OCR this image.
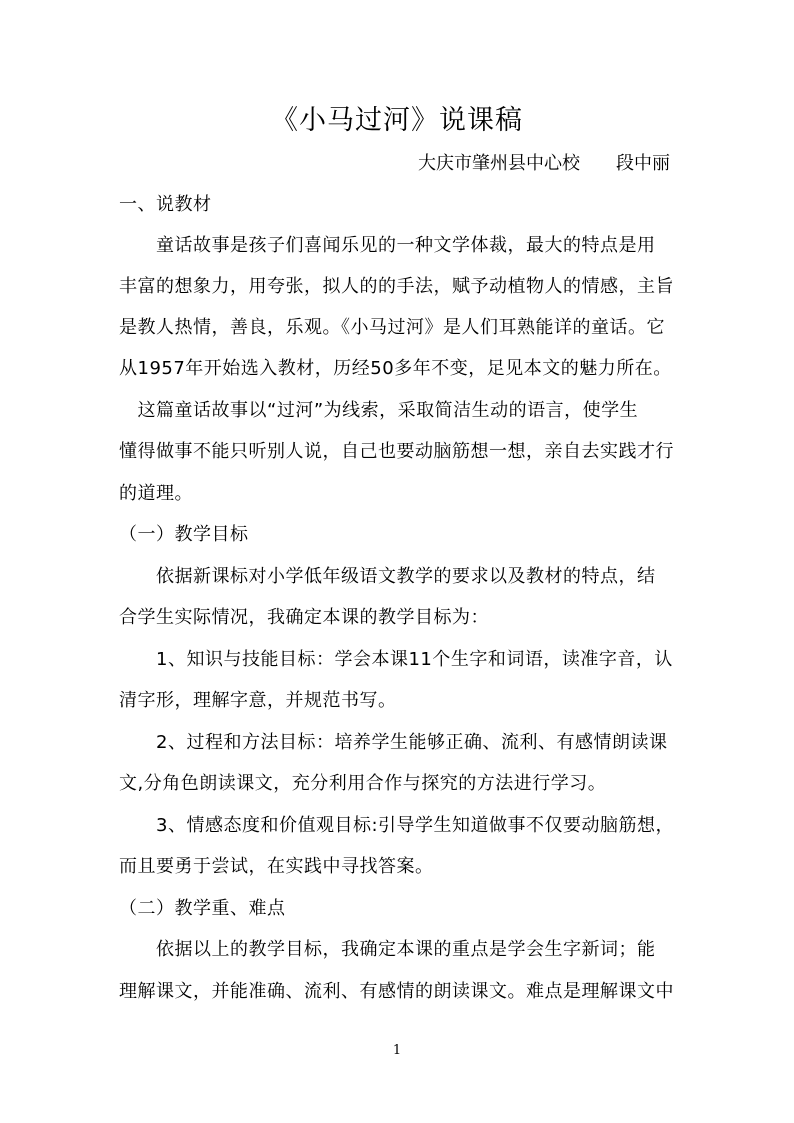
《小马过河》说课稿
大庆市肇州县中心校　　段中丽
一、说教材
　　童话故事是孩子们喜闻乐见的一种文学体裁，最大的特点是用
丰富的想象力，用夸张，拟人的的手法，赋予动植物人的情感，主旨
是教人热情，善良，乐观。《小马过河》是人们耳熟能详的童话。它
从1957年开始选入教材，历经50多年不变，足见本文的魅力所在。
　这篇童话故事以“过河”为线索，采取简洁生动的语言，使学生
懂得做事不能只听别人说，自己也要动脑筋想一想，亲自去实践才行
的道理。
（一）教学目标
　　依据新课标对小学低年级语文教学的要求以及教材的特点，结
合学生实际情况，我确定本课的教学目标为：
　　1、知识与技能目标：学会本课11个生字和词语，读准字音，认
清字形，理解字意，并规范书写。
　　2、过程和方法目标：培养学生能够正确、流利、有感情朗读课
文,分角色朗读课文，充分利用合作与探究的方法进行学习。
　　3、情感态度和价值观目标:引导学生知道做事不仅要动脑筋想，
而且要勇于尝试，在实践中寻找答案。
（二）教学重、难点
　　依据以上的教学目标，我确定本课的重点是学会生字新词；能
理解课文，并能准确、流利、有感情的朗读课文。难点是理解课文中
1
